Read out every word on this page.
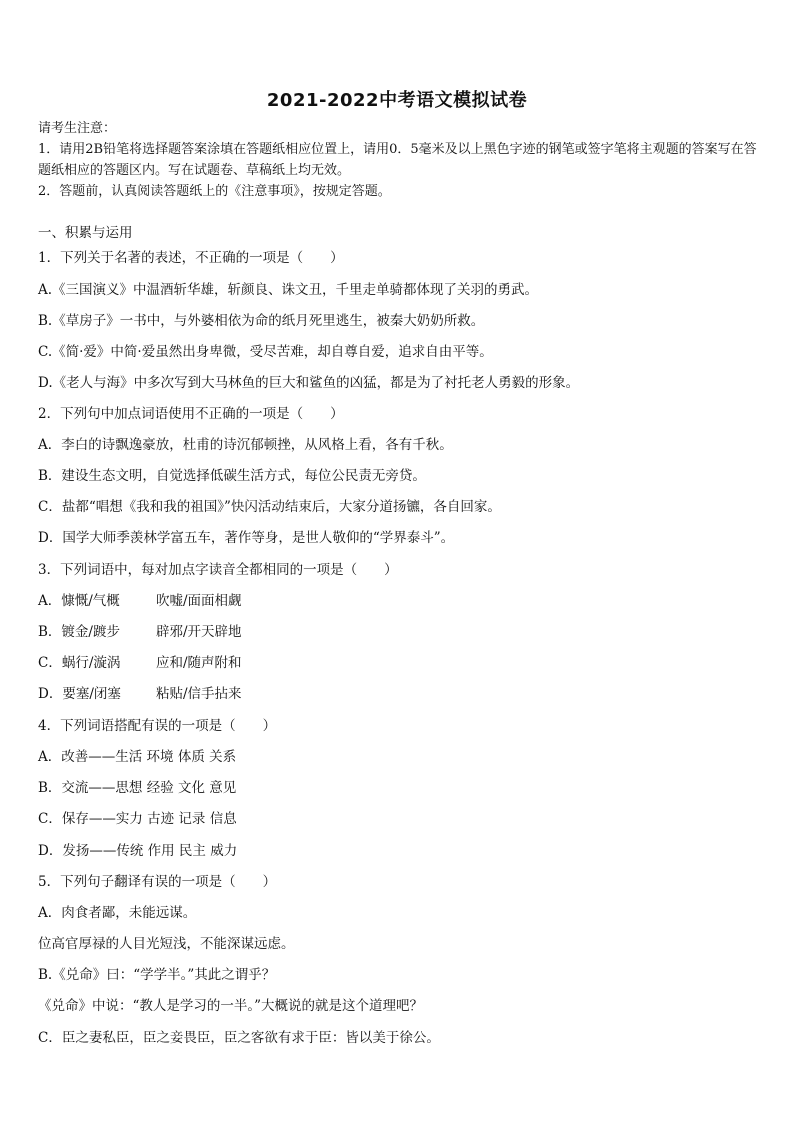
2021-2022中考语文模拟试卷
请考生注意：
1．请用2B铅笔将选择题答案涂填在答题纸相应位置上，请用0．5毫米及以上黑色字迹的钢笔或签字笔将主观题的答案写在答题纸相应的答题区内。写在试题卷、草稿纸上均无效。
2．答题前，认真阅读答题纸上的《注意事项》，按规定答题。
一、积累与运用
1．下列关于名著的表述，不正确的一项是（　　）
A.《三国演义》中温酒斩华雄，斩颜良、诛文丑，千里走单骑都体现了关羽的勇武。
B.《草房子》一书中，与外婆相依为命的纸月死里逃生，被秦大奶奶所救。
C.《简·爱》中简·爱虽然出身卑微，受尽苦难，却自尊自爱，追求自由平等。
D.《老人与海》中多次写到大马林鱼的巨大和鲨鱼的凶猛，都是为了衬托老人勇毅的形象。
2．下列句中加点词语使用不正确的一项是（　　）
A．李白的诗飘逸豪放，杜甫的诗沉郁顿挫，从风格上看，各有千秋。
B．建设生态文明，自觉选择低碳生活方式，每位公民责无旁贷。
C．盐都“唱想《我和我的祖国》”快闪活动结束后，大家分道扬镳，各自回家。
D．国学大师季羡林学富五车，著作等身，是世人敬仰的“学界泰斗”。
3．下列词语中，每对加点字读音全都相同的一项是（　　）
A．慷慨/气概	吹嘘/面面相觑
B．镀金/踱步	辟邪/开天辟地
C．蜗行/漩涡	应和/随声附和
D．要塞/闭塞	粘贴/信手拈来
4．下列词语搭配有误的一项是（　　）
A．改善——生活 环境 体质 关系
B．交流——思想 经验 文化 意见
C．保存——实力 古迹 记录 信息
D．发扬——传统 作用 民主 威力
5．下列句子翻译有误的一项是（　　）
A．肉食者鄙，未能远谋。
位高官厚禄的人目光短浅，不能深谋远虑。
B.《兑命》曰：“学学半。”其此之谓乎？
《兑命》中说：“教人是学习的一半。”大概说的就是这个道理吧？
C．臣之妻私臣，臣之妾畏臣，臣之客欲有求于臣：皆以美于徐公。
